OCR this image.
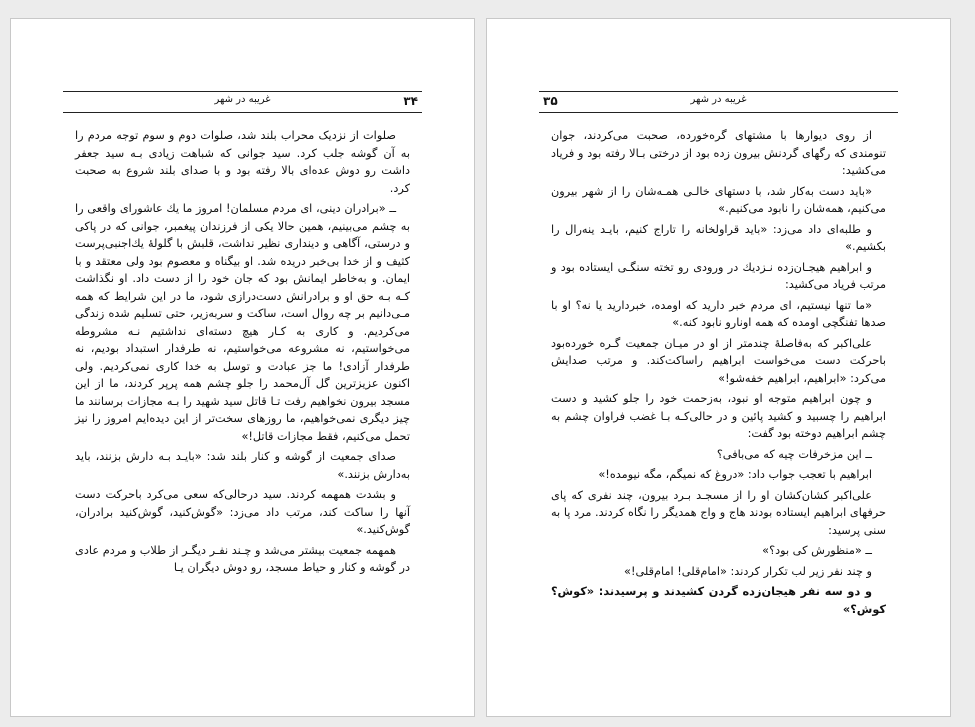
۳۴
غریبه در شهر

صلوات از نزدیک محراب بلند شد، صلوات دوم و سوم توجه مردم را به آن گوشه جلب کرد. سید جوانی که شباهت زیادی بـه سید جعفر داشت رو دوش عده‌ای بالا رفته بود و با صدای بلند شروع به صحبت کرد.

ــ «برادران دینی، ای مردم مسلمان! امروز ما یك عاشورای واقعی را به چشم می‌بینیم، همین حالا یکی از فرزندان پیغمبر، جوانی که در پاکی و درستی، آگاهی و دینداری نظیر نداشت، قلبش با گلولهٔ یك‌اجنبی‌پرست کثیف و از خدا بی‌خبر دریده شد. او بیگناه و معصوم بود ولی معتقد و با ایمان. و به‌خاطر ایمانش بود که جان خود را از دست داد. او نگذاشت کـه بـه حق او و برادرانش دست‌درازی شود، ما در این شرایط که همه مـی‌دانیم بر چه روال است، ساکت و سربه‌زیر، حتی تسلیم شده زندگی می‌کردیم. و کاری به کـار هیچ دسته‌ای نداشتیم نـه مشروطه می‌خواستیم، نه مشروعه می‌خواستیم، نه طرفدار استبداد بودیم، نه طرفدار آزادی! ما جز عبادت و توسل به خدا کاری نمی‌کردیم. ولی اکنون عزیزترین گل آل‌محمد را جلو چشم همه پرپر کردند، ما از این مسجد بیرون نخواهیم رفت تـا قاتل سید شهید را بـه مجازات برسانند ما چیز دیگری نمی‌خواهیم، ما روزهای سخت‌تر از این دیده‌ایم امروز را نیز تحمل می‌کنیم، فقط مجازات قاتل!»

صدای جمعیت از گوشه و کنار بلند شد: «بایـد بـه دارش بزنند، باید به‌دارش بزنند.»

و بشدت همهمه کردند. سید درحالی‌که سعی می‌کرد باحرکت دست آنها را ساکت کند، مرتب داد می‌زد: «گوش‌کنید، گوش‌کنید برادران، گوش‌کنید.»

همهمه جمعیت بیشتر می‌شد و چـند نفـر دیگـر از طلاب و مردم عادی در گوشه و کنار و حیاط مسجد، رو دوش دیگران یـا

۳۵	غریبه در شهر

از روی دیوارها با مشتهای گره‌خورده، صحبت می‌کردند، جوان تنومندی که رگهای گردنش بیرون زده بود از درختی بـالا رفته بود و فریاد می‌کشید:

«باید دست به‌کار شد، با دستهای خالـی همـه‌شان را از شهر بیرون می‌کنیم، همه‌شان را نابود می‌کنیم.»

و طلبه‌ای داد می‌زد: «باید قراولخانه را تاراج کنیم، بایـد ینه‌رال را بکشیم.»

و ابراهیم هیجـان‌زده نـزدیك در ورودی رو تخته سنگـی ایستاده بود و مرتب فریاد می‌کشید:

«ما تنها نیستیم، ای مردم خبر دارید که اومده، خبردارید یا نه؟ او با صدها تفنگچی اومده که همه اونارو نابود کنه.»

علی‌اکبر که به‌فاصلهٔ چندمتر از او در میـان جمعیت گـره خورده‌بود باحرکت دست می‌خواست ابراهیم راساکت‌کند. و مرتب صدایش می‌کرد: «ابراهیم، ابراهیم خفه‌شو!»

و چون ابراهیم متوجه او نبود، به‌زحمت خود را جلو کشید و دست ابراهیم را چسبید و کشید پائین و در حالی‌کـه بـا غضب فراوان چشم به چشم ابراهیم دوخته بود گفت:

ــ این مزخرفات چیه که می‌بافی؟

ابراهیم با تعجب جواب داد: «دروغ که نمیگم، مگه نیومده!»

علی‌اکبر کشان‌کشان او را از مسجـد بـرد بیرون، چند نفری که پای حرفهای ابراهیم ایستاده بودند هاج و واج همدیگر را نگاه کردند. مرد پا به سنی پرسید:

ــ «منظورش کی بود؟»

و چند نفر زیر لب تکرار کردند: «امام‌قلی! امام‌قلی!»

و دو سه نفر هیجان‌زده گردن کشیدند و پرسیدند: «کوش؟ کوش؟»
